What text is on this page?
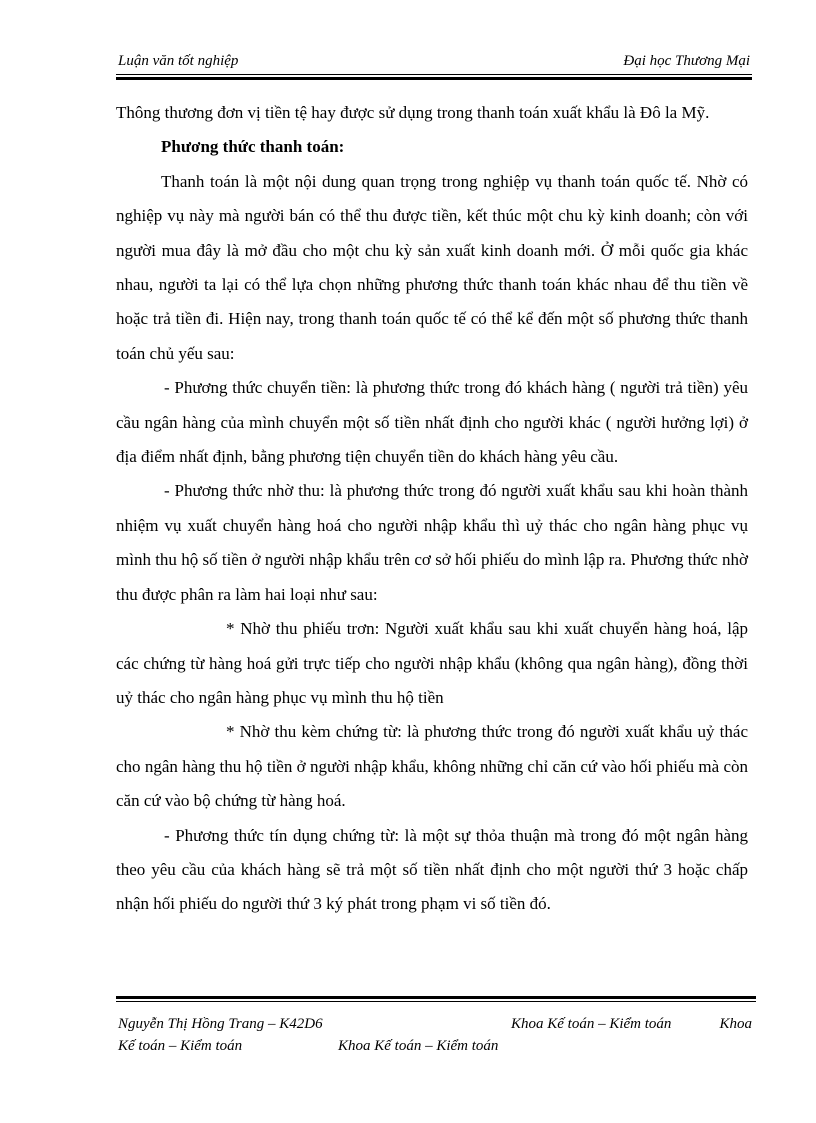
Luận văn tốt nghiệp	Đại học Thương Mại

Thông thương đơn vị tiền tệ hay được sử dụng trong thanh toán xuất khẩu là Đô la Mỹ.

Phương thức thanh toán:

Thanh toán là một nội dung quan trọng trong nghiệp vụ thanh toán quốc tế. Nhờ có nghiệp vụ này mà người bán có thể thu được tiền, kết thúc một chu kỳ kinh doanh; còn với người mua đây là mở đầu cho một chu kỳ sản xuất kinh doanh mới. Ở mỗi quốc gia khác nhau, người ta lại có thể lựa chọn những phương thức thanh toán khác nhau để thu tiền về hoặc trả tiền đi. Hiện nay, trong thanh toán quốc tế có thể kể đến một số phương thức thanh toán chủ yếu sau:

- Phương thức chuyển tiền: là phương thức trong đó khách hàng ( người trả tiền) yêu cầu ngân hàng của mình chuyển một số tiền nhất định cho người khác ( người hưởng lợi) ở địa điểm nhất định, bằng phương tiện chuyển tiền do khách hàng yêu cầu.

- Phương thức nhờ thu: là phương thức trong đó người xuất khẩu sau khi hoàn thành nhiệm vụ xuất chuyển hàng hoá cho người nhập khẩu thì uỷ thác cho ngân hàng phục vụ mình thu hộ số tiền ở người nhập khẩu trên cơ sở hối phiếu do mình lập ra. Phương thức nhờ thu được phân ra làm hai loại như sau:

* Nhờ thu phiếu trơn: Người xuất khẩu sau khi xuất chuyển hàng hoá, lập các chứng từ hàng hoá gửi trực tiếp cho người nhập khẩu (không qua ngân hàng), đồng thời uỷ thác cho ngân hàng phục vụ mình thu hộ tiền

* Nhờ thu kèm chứng từ: là phương thức trong đó người xuất khẩu uỷ thác cho ngân hàng thu hộ tiền ở người nhập khẩu, không những chỉ căn cứ vào hối phiếu mà còn căn cứ vào bộ chứng từ hàng hoá.

- Phương thức tín dụng chứng từ: là một sự thỏa thuận mà trong đó một ngân hàng theo yêu cầu của khách hàng sẽ trả một số tiền nhất định cho một người thứ 3 hoặc chấp nhận hối phiếu do người thứ 3 ký phát trong phạm vi số tiền đó.

Nguyễn Thị Hồng Trang – K42D6	Khoa Kế toán – Kiểm toán	Khoa
Kế toán – Kiểm toán	Khoa Kế toán – Kiểm toán
